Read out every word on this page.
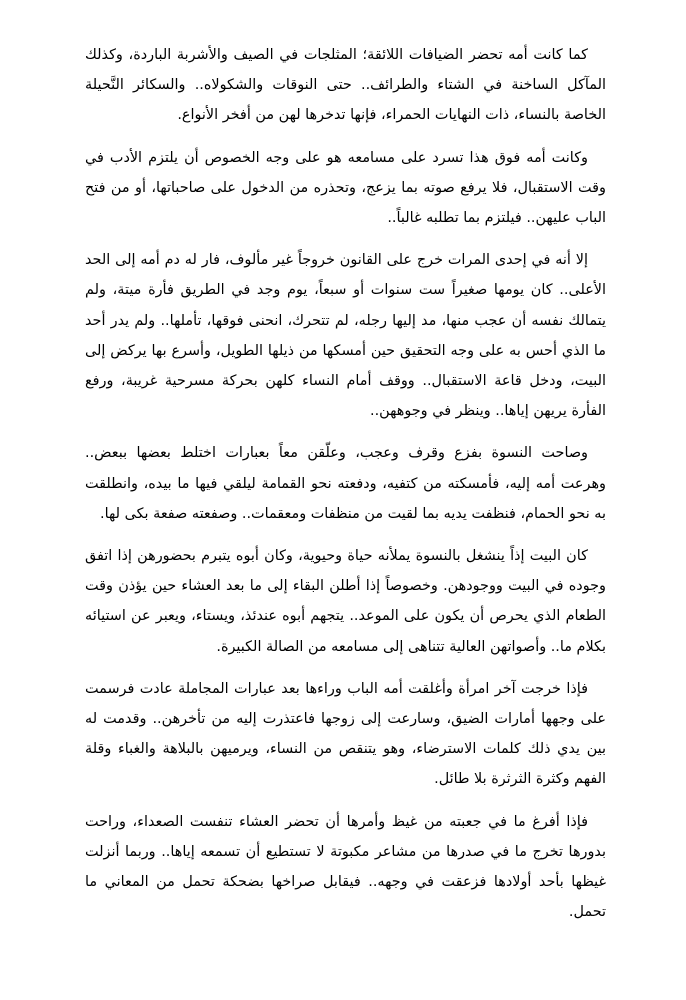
كما كانت أمه تحضر الضيافات اللائقة؛ المثلجات في الصيف والأشربة الباردة، وكذلك المآكل الساخنة في الشتاء والطرائف.. حتى النوقات والشكولاه.. والسكائر النَّحيلة الخاصة بالنساء، ذات النهايات الحمراء، فإنها تدخرها لهن من أفخر الأنواع.

وكانت أمه فوق هذا تسرد على مسامعه هو على وجه الخصوص أن يلتزم الأدب في وقت الاستقبال، فلا يرفع صوته بما يزعج، وتحذره من الدخول على صاحباتها، أو من فتح الباب عليهن.. فيلتزم بما تطلبه غالباً..

إلا أنه في إحدى المرات خرج على القانون خروجاً غير مألوف، فار له دم أمه إلى الحد الأعلى.. كان يومها صغيراً ست سنوات أو سبعاً، يوم وجد في الطريق فأرة ميتة، ولم يتمالك نفسه أن عجب منها، مد إليها رجله، لم تتحرك، انحنى فوقها، تأملها.. ولم يدر أحد ما الذي أحس به على وجه التحقيق حين أمسكها من ذيلها الطويل، وأسرع بها يركض إلى البيت، ودخل قاعة الاستقبال.. ووقف أمام النساء كلهن بحركة مسرحية غريبة، ورفع الفأرة يريهن إياها.. وينظر في وجوههن..

وصاحت النسوة بفزع وقرف وعجب، وعلّقن معاً بعبارات اختلط بعضها ببعض.. وهرعت أمه إليه، فأمسكته من كتفيه، ودفعته نحو القمامة ليلقي فيها ما بيده، وانطلقت به نحو الحمام، فنظفت يديه بما لقيت من منظفات ومعقمات.. وصفعته صفعة بكى لها.

كان البيت إذاً ينشغل بالنسوة يملأنه حياة وحيوية، وكان أبوه يتبرم بحضورهن إذا اتفق وجوده في البيت ووجودهن. وخصوصاً إذا أطلن البقاء إلى ما بعد العشاء حين يؤذن وقت الطعام الذي يحرص أن يكون على الموعد.. يتجهم أبوه عندئذ، ويستاء، ويعبر عن استيائه بكلام ما.. وأصواتهن العالية تتناهى إلى مسامعه من الصالة الكبيرة.

فإذا خرجت آخر امرأة وأغلقت أمه الباب وراءها بعد عبارات المجاملة عادت فرسمت على وجهها أمارات الضيق، وسارعت إلى زوجها فاعتذرت إليه من تأخرهن.. وقدمت له بين يدي ذلك كلمات الاسترضاء، وهو يتنقص من النساء، ويرميهن بالبلاهة والغباء وقلة الفهم وكثرة الثرثرة بلا طائل.

فإذا أفرغ ما في جعبته من غيظ وأمرها أن تحضر العشاء تنفست الصعداء، وراحت بدورها تخرج ما في صدرها من مشاعر مكبوتة لا تستطيع أن تسمعه إياها.. وربما أنزلت غيظها بأحد أولادها فزعقت في وجهه.. فيقابل صراخها بضحكة تحمل من المعاني ما تحمل.
